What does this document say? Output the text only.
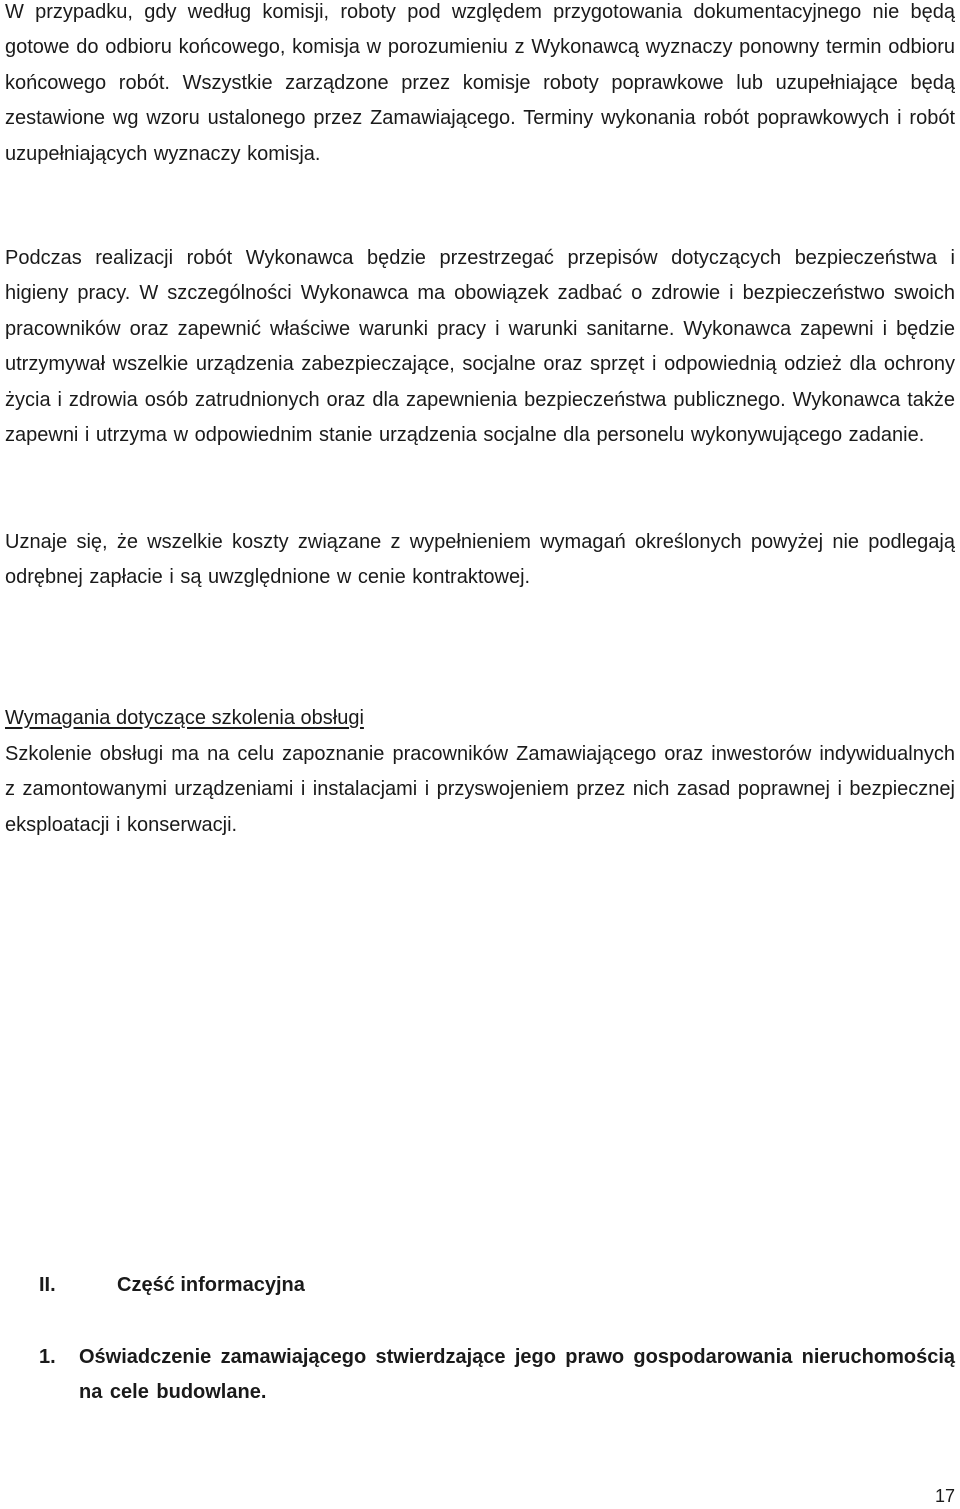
W przypadku, gdy według komisji, roboty pod względem przygotowania dokumentacyjnego nie będą gotowe do odbioru końcowego, komisja w porozumieniu z Wykonawcą wyznaczy ponowny termin odbioru końcowego robót. Wszystkie zarządzone przez komisje roboty poprawkowe lub uzupełniające będą zestawione wg wzoru ustalonego przez Zamawiającego. Terminy wykonania robót poprawkowych i robót uzupełniających wyznaczy komisja.

Podczas realizacji robót Wykonawca będzie przestrzegać przepisów dotyczących bezpieczeństwa i higieny pracy. W szczególności Wykonawca ma obowiązek zadbać o zdrowie i bezpieczeństwo swoich pracowników oraz zapewnić właściwe warunki pracy i warunki sanitarne. Wykonawca zapewni i będzie utrzymywał wszelkie urządzenia zabezpieczające, socjalne oraz sprzęt i odpowiednią odzież dla ochrony życia i zdrowia osób zatrudnionych oraz dla zapewnienia bezpieczeństwa publicznego. Wykonawca także zapewni i utrzyma w odpowiednim stanie urządzenia socjalne dla personelu wykonywującego zadanie.

Uznaje się, że wszelkie koszty związane z wypełnieniem wymagań określonych powyżej nie podlegają odrębnej zapłacie i są uwzględnione w cenie kontraktowej.

Wymagania dotyczące szkolenia obsługi

Szkolenie obsługi ma na celu zapoznanie pracowników Zamawiającego oraz inwestorów indywidualnych z zamontowanymi urządzeniami i instalacjami i przyswojeniem przez nich zasad poprawnej i bezpiecznej eksploatacji i konserwacji.

II.	Część informacyjna
1.	Oświadczenie zamawiającego stwierdzające jego prawo gospodarowania nieruchomością na cele budowlane.
17
